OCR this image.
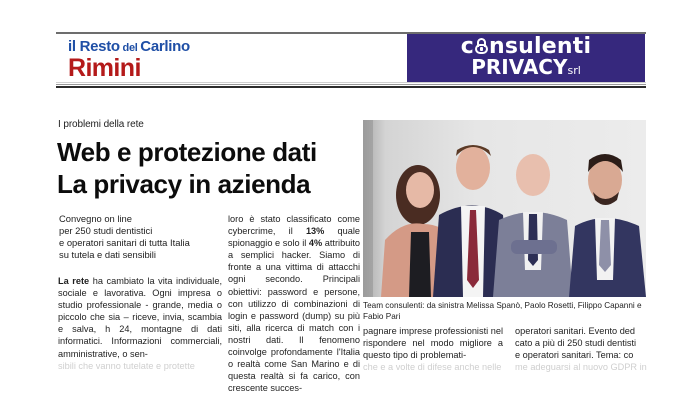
il Resto del Carlino
Rimini
c nsulenti
PRIVACYsrl
I problemi della rete
Web e protezione dati
La privacy in azienda
Convegno on line
per 250 studi dentistici
e operatori sanitari di tutta Italia
su tutela e dati sensibili

La rete ha cambiato la vita individuale, sociale e lavorativa. Ogni impresa o studio professionale - grande, media o piccolo che sia – riceve, invia, scambia e salva, h 24, montagne di dati informatici. Informazioni commerciali, amministrative, o sen-

sibili che vanno tutelate e protette

loro è stato classificato come cybercrime, il 13% quale spionaggio e solo il 4% attribuito a semplici hacker. Siamo di fronte a una vittima di attacchi ogni secondo. Principali obiettivi: password e persone, con utilizzo di combinazioni di login e password (dump) su più siti, alla ricerca di match con i nostri dati. Il fenomeno coinvolge profondamente l'Italia o realtà come San Marino e di questa realtà si fa carico, con crescente succes-

Team consulenti: da sinistra Melissa Spanò, Paolo Rosetti, Filippo Capanni e Fabio Pari

pagnare imprese professionisti nel rispondere nel modo migliore a questo tipo di problemati-

che e a volte di difese anche nelle

operatori sanitari. Evento ded
cato a più di 250 studi dentisti
e operatori sanitari. Tema: co
me adeguarsi al nuovo GDPR in
